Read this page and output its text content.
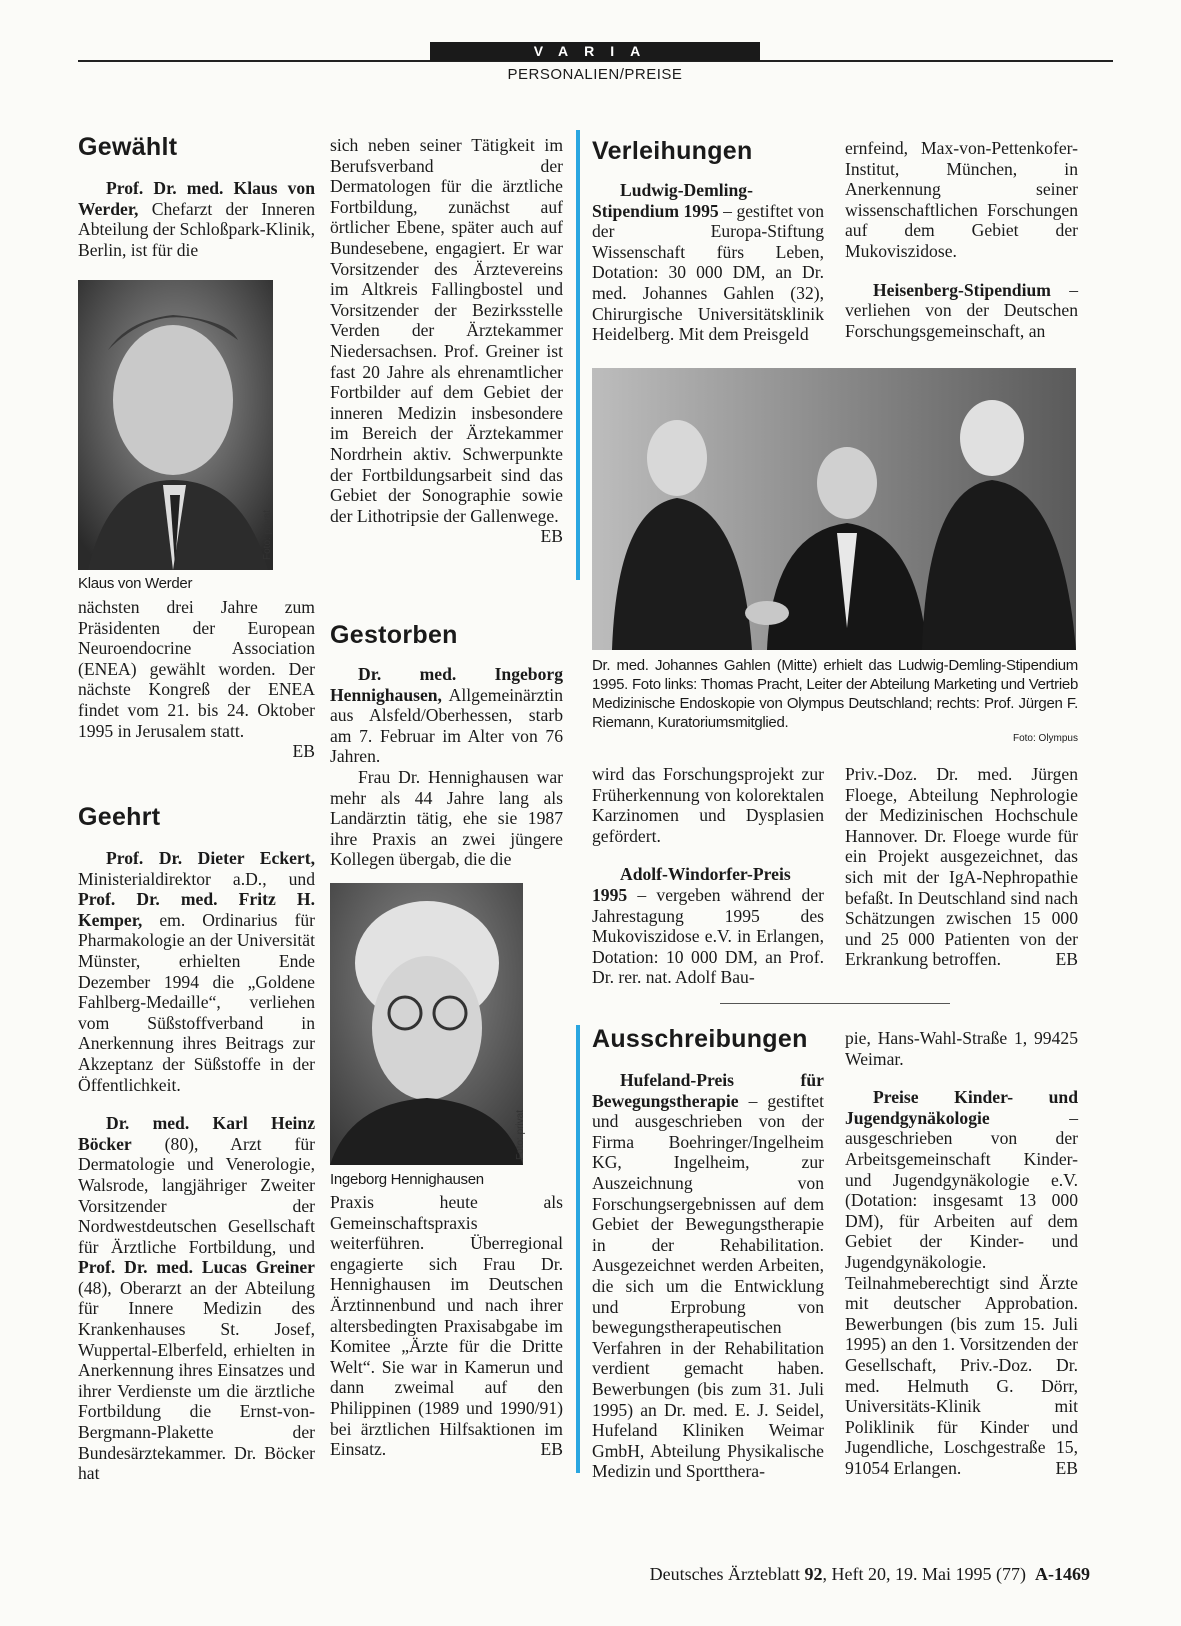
VARIA
PERSONALIEN/PREISE
Gewählt

Prof. Dr. med. Klaus von Werder, Chefarzt der Inneren Abteilung der Schloßpark-Klinik, Berlin, ist für die

Foto: privat
Klaus von Werder

nächsten drei Jahre zum Präsidenten der European Neuroendocrine Association (ENEA) gewählt worden. Der nächste Kongreß der ENEA findet vom 21. bis 24. Oktober 1995 in Jerusalem statt.

EB

Geehrt

Prof. Dr. Dieter Eckert, Ministerialdirektor a.D., und Prof. Dr. med. Fritz H. Kemper, em. Ordinarius für Pharmakologie an der Universität Münster, erhielten Ende Dezember 1994 die „Goldene Fahlberg-Medaille“, verliehen vom Süßstoffverband in Anerkennung ihres Beitrags zur Akzeptanz der Süßstoffe in der Öffentlichkeit.

Dr. med. Karl Heinz Böcker (80), Arzt für Dermatologie und Venerologie, Walsrode, langjähriger Zweiter Vorsitzender der Nordwestdeutschen Gesellschaft für Ärztliche Fortbildung, und Prof. Dr. med. Lucas Greiner (48), Oberarzt an der Abteilung für Innere Medizin des Krankenhauses St. Josef, Wuppertal-Elberfeld, erhielten in Anerkennung ihres Einsatzes und ihrer Verdienste um die ärztliche Fortbildung die Ernst-von-Bergmann-Plakette der Bundesärztekammer. Dr. Böcker hat

sich neben seiner Tätigkeit im Berufsverband der Dermatologen für die ärztliche Fortbildung, zunächst auf örtlicher Ebene, später auch auf Bundesebene, engagiert. Er war Vorsitzender des Ärztevereins im Altkreis Fallingbostel und Vorsitzender der Bezirksstelle Verden der Ärztekammer Niedersachsen. Prof. Greiner ist fast 20 Jahre als ehrenamtlicher Fortbilder auf dem Gebiet der inneren Medizin insbesondere im Bereich der Ärztekammer Nordrhein aktiv. Schwerpunkte der Fortbildungsarbeit sind das Gebiet der Sonographie sowie der Lithotripsie der Gallenwege.

EB

Gestorben

Dr. med. Ingeborg Hennighausen, Allgemeinärztin aus Alsfeld/Oberhessen, starb am 7. Februar im Alter von 76 Jahren.

Frau Dr. Hennighausen war mehr als 44 Jahre lang als Landärztin tätig, ehe sie 1987 ihre Praxis an zwei jüngere Kollegen übergab, die die

Foto: privat
Ingeborg Hennighausen

Praxis heute als Gemeinschaftspraxis weiterführen. Überregional engagierte sich Frau Dr. Hennighausen im Deutschen Ärztinnenbund und nach ihrer altersbedingten Praxisabgabe im Komitee „Ärzte für die Dritte Welt“. Sie war in Kamerun und dann zweimal auf den Philippinen (1989 und 1990/91) bei ärztlichen Hilfsaktionen im Einsatz.	EB

Verleihungen

Ludwig-Demling-Stipendium 1995 – gestiftet von der Europa-Stiftung Wissenschaft fürs Leben, Dotation: 30 000 DM, an Dr. med. Johannes Gahlen (32), Chirurgische Universitätsklinik Heidelberg. Mit dem Preisgeld

ernfeind, Max-von-Pettenkofer-Institut, München, in Anerkennung seiner wissenschaftlichen Forschungen auf dem Gebiet der Mukoviszidose.

Heisenberg-Stipendium – verliehen von der Deutschen Forschungsgemeinschaft, an

Dr. med. Johannes Gahlen (Mitte) erhielt das Ludwig-Demling-Stipendium 1995. Foto links: Thomas Pracht, Leiter der Abteilung Marketing und Vertrieb Medizinische Endoskopie von Olympus Deutschland; rechts: Prof. Jürgen F. Riemann, Kuratoriumsmitglied.
Foto: Olympus

wird das Forschungsprojekt zur Früherkennung von kolorektalen Karzinomen und Dysplasien gefördert.

Adolf-Windorfer-Preis 1995 – vergeben während der Jahrestagung 1995 des Mukoviszidose e.V. in Erlangen, Dotation: 10 000 DM, an Prof. Dr. rer. nat. Adolf Bau-

Priv.-Doz. Dr. med. Jürgen Floege, Abteilung Nephrologie der Medizinischen Hochschule Hannover. Dr. Floege wurde für ein Projekt ausgezeichnet, das sich mit der IgA-Nephropathie befaßt. In Deutschland sind nach Schätzungen zwischen 15 000 und 25 000 Patienten von der Erkrankung betroffen.	EB

Ausschreibungen

Hufeland-Preis für Bewegungstherapie – gestiftet und ausgeschrieben von der Firma Boehringer/Ingelheim KG, Ingelheim, zur Auszeichnung von Forschungsergebnissen auf dem Gebiet der Bewegungstherapie in der Rehabilitation. Ausgezeichnet werden Arbeiten, die sich um die Entwicklung und Erprobung von bewegungstherapeutischen Verfahren in der Rehabilitation verdient gemacht haben. Bewerbungen (bis zum 31. Juli 1995) an Dr. med. E. J. Seidel, Hufeland Kliniken Weimar GmbH, Abteilung Physikalische Medizin und Sportthera-

pie, Hans-Wahl-Straße 1, 99425 Weimar.

Preise Kinder- und Jugendgynäkologie – ausgeschrieben von der Arbeitsgemeinschaft Kinder- und Jugendgynäkologie e.V. (Dotation: insgesamt 13 000 DM), für Arbeiten auf dem Gebiet der Kinder- und Jugendgynäkologie. Teilnahmeberechtigt sind Ärzte mit deutscher Approbation. Bewerbungen (bis zum 15. Juli 1995) an den 1. Vorsitzenden der Gesellschaft, Priv.-Doz. Dr. med. Helmuth G. Dörr, Universitäts-Klinik mit Poliklinik für Kinder und Jugendliche, Loschgestraße 15, 91054 Erlangen.	EB

Deutsches Ärzteblatt 92, Heft 20, 19. Mai 1995 (77) A-1469
